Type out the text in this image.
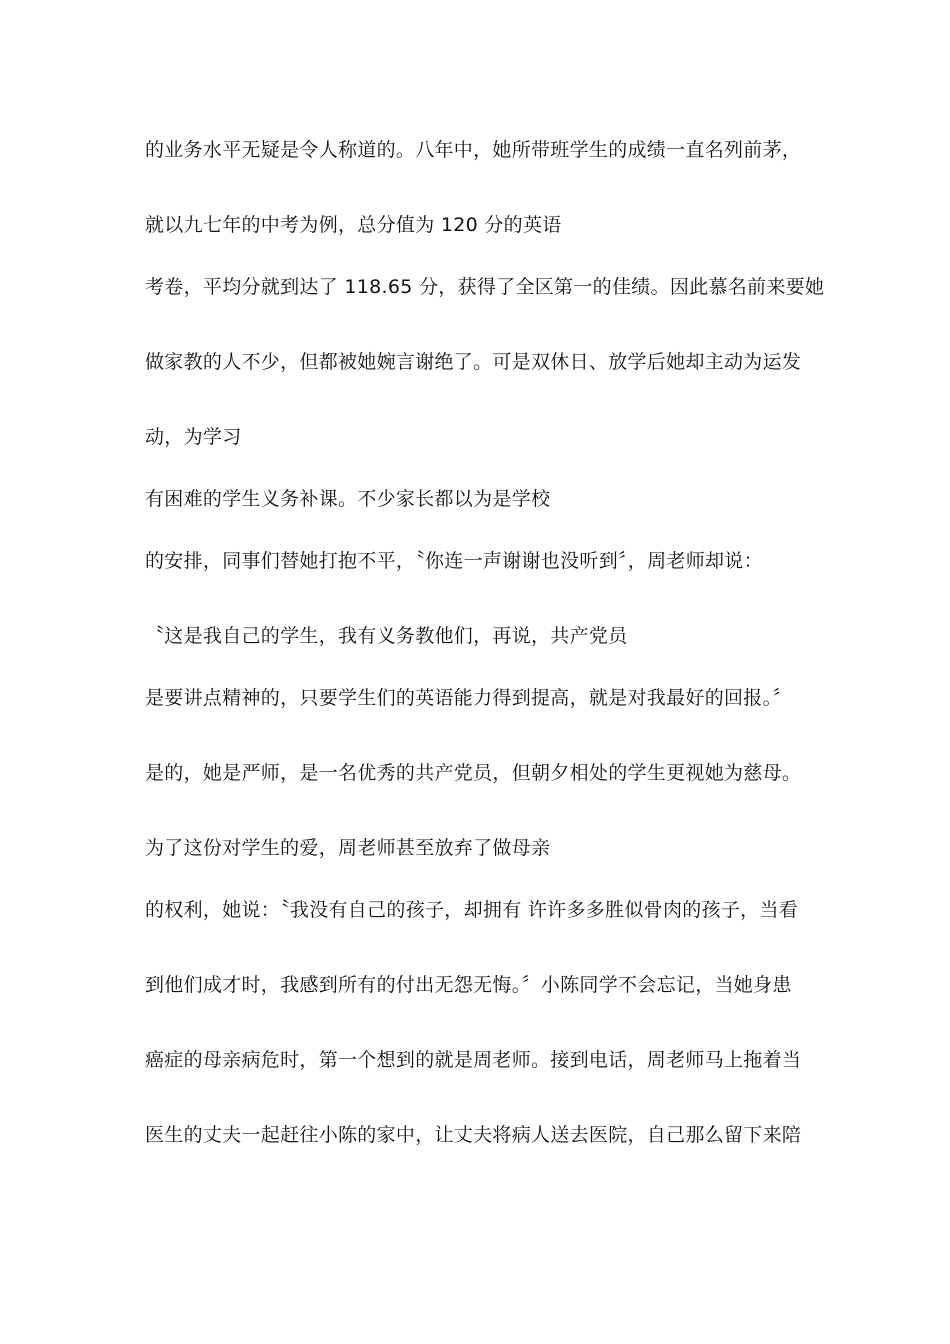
的业务水平无疑是令人称道的。八年中，她所带班学生的成绩一直名列前茅，

就以九七年的中考为例，总分值为 120 分的英语

考卷，平均分就到达了 118.65 分，获得了全区第一的佳绩。因此慕名前来要她

做家教的人不少，但都被她婉言谢绝了。可是双休日、放学后她却主动为运发

动，为学习

有困难的学生义务补课。不少家长都以为是学校

的安排，同事们替她打抱不平，〝你连一声谢谢也没听到〞，周老师却说：

〝这是我自己的学生，我有义务教他们，再说，共产党员

是要讲点精神的，只要学生们的英语能力得到提高，就是对我最好的回报。〞

是的，她是严师，是一名优秀的共产党员，但朝夕相处的学生更视她为慈母。

为了这份对学生的爱，周老师甚至放弃了做母亲

的权利，她说：〝我没有自己的孩子，却拥有 许许多多胜似骨肉的孩子，当看

到他们成才时，我感到所有的付出无怨无悔。〞小陈同学不会忘记，当她身患

癌症的母亲病危时，第一个想到的就是周老师。接到电话，周老师马上拖着当

医生的丈夫一起赶往小陈的家中，让丈夫将病人送去医院，自己那么留下来陪
